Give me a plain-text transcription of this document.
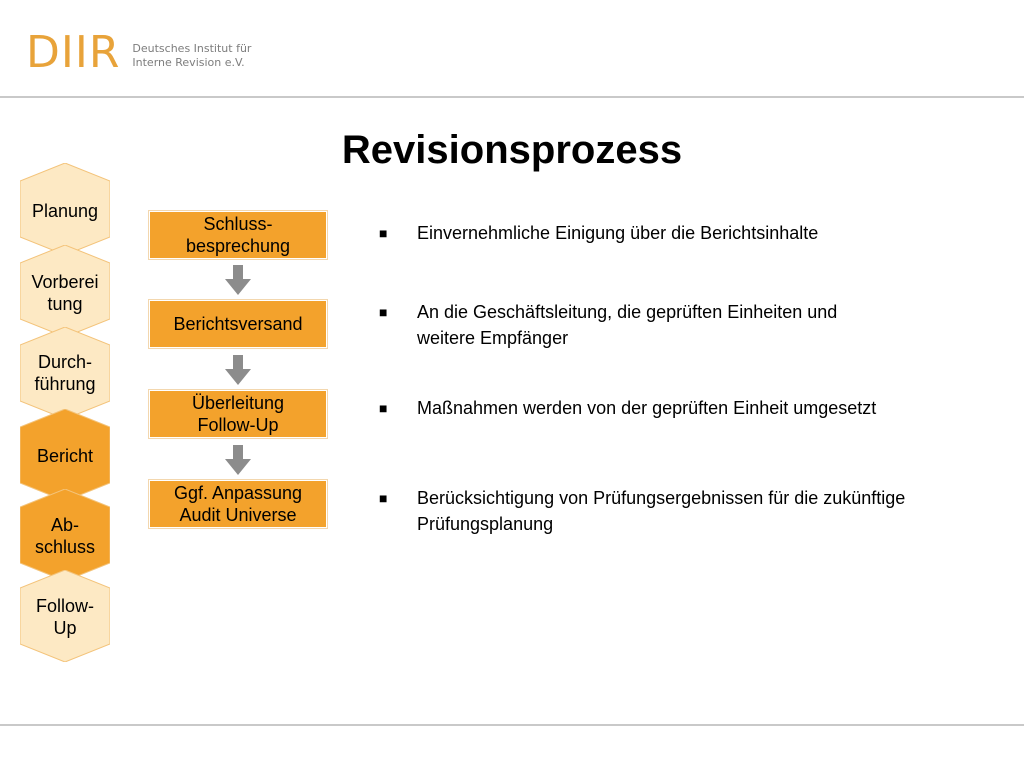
DIIR Deutsches Institut für
Interne Revision e.V.
Revisionsprozess
Planung
Vorberei
tung
Durch-
führung
Bericht
Ab-
schluss
Follow-
Up
Schluss-
besprechung
Berichtsversand
Überleitung
Follow-Up
Ggf. Anpassung
Audit Universe
■	Einvernehmliche Einigung über die Berichtsinhalte
■	An die Geschäftsleitung, die geprüften Einheiten und
weitere Empfänger
■	Maßnahmen werden von der geprüften Einheit umgesetzt
■	Berücksichtigung von Prüfungsergebnissen für die zukünftige
Prüfungsplanung
